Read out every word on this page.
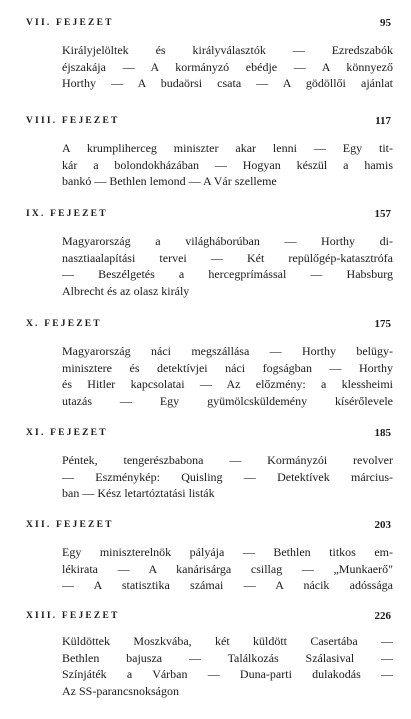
VII. FEJEZET	95
Királyjelöltek és királyválasztók — Ezredszabók
éjszakája — A kormányzó ebédje — A könnyező
Horthy — A budaörsi csata — A gödöllői ajánlat
VIII. FEJEZET	117
A krumpliherceg miniszter akar lenni — Egy tit-
kár a bolondokházában — Hogyan készül a hamis
bankó — Bethlen lemond — A Vár szelleme
IX. FEJEZET	157
Magyarország a világháborúban — Horthy di-
nasztiaalapítási tervei — Két repülőgép-katasztrófa
— Beszélgetés a hercegprímással — Habsburg
Albrecht és az olasz király
X. FEJEZET	175
Magyarország náci megszállása — Horthy belügy-
minisztere és detektívjei náci fogságban — Horthy
és Hitler kapcsolatai — Az előzmény: a klessheimi
utazás — Egy gyümölcsküldemény kísérőlevele
XI. FEJEZET	185
Péntek, tengerészbabona — Kormányzói revolver
— Eszménykép: Quisling — Detektívek március-
ban — Kész letartóztatási listák
XII. FEJEZET	203
Egy miniszterelnök pályája — Bethlen titkos em-
lékirata — A kanárisárga csillag — „Munkaerő"
— A statisztika számai — A nácik adóssága
XIII. FEJEZET	226
Küldöttek Moszkvába, két küldött Casertába —
Bethlen bajusza — Találkozás Szálasival —
Színjáték a Várban — Duna-parti dulakodás —
Az SS-parancsnokságon
